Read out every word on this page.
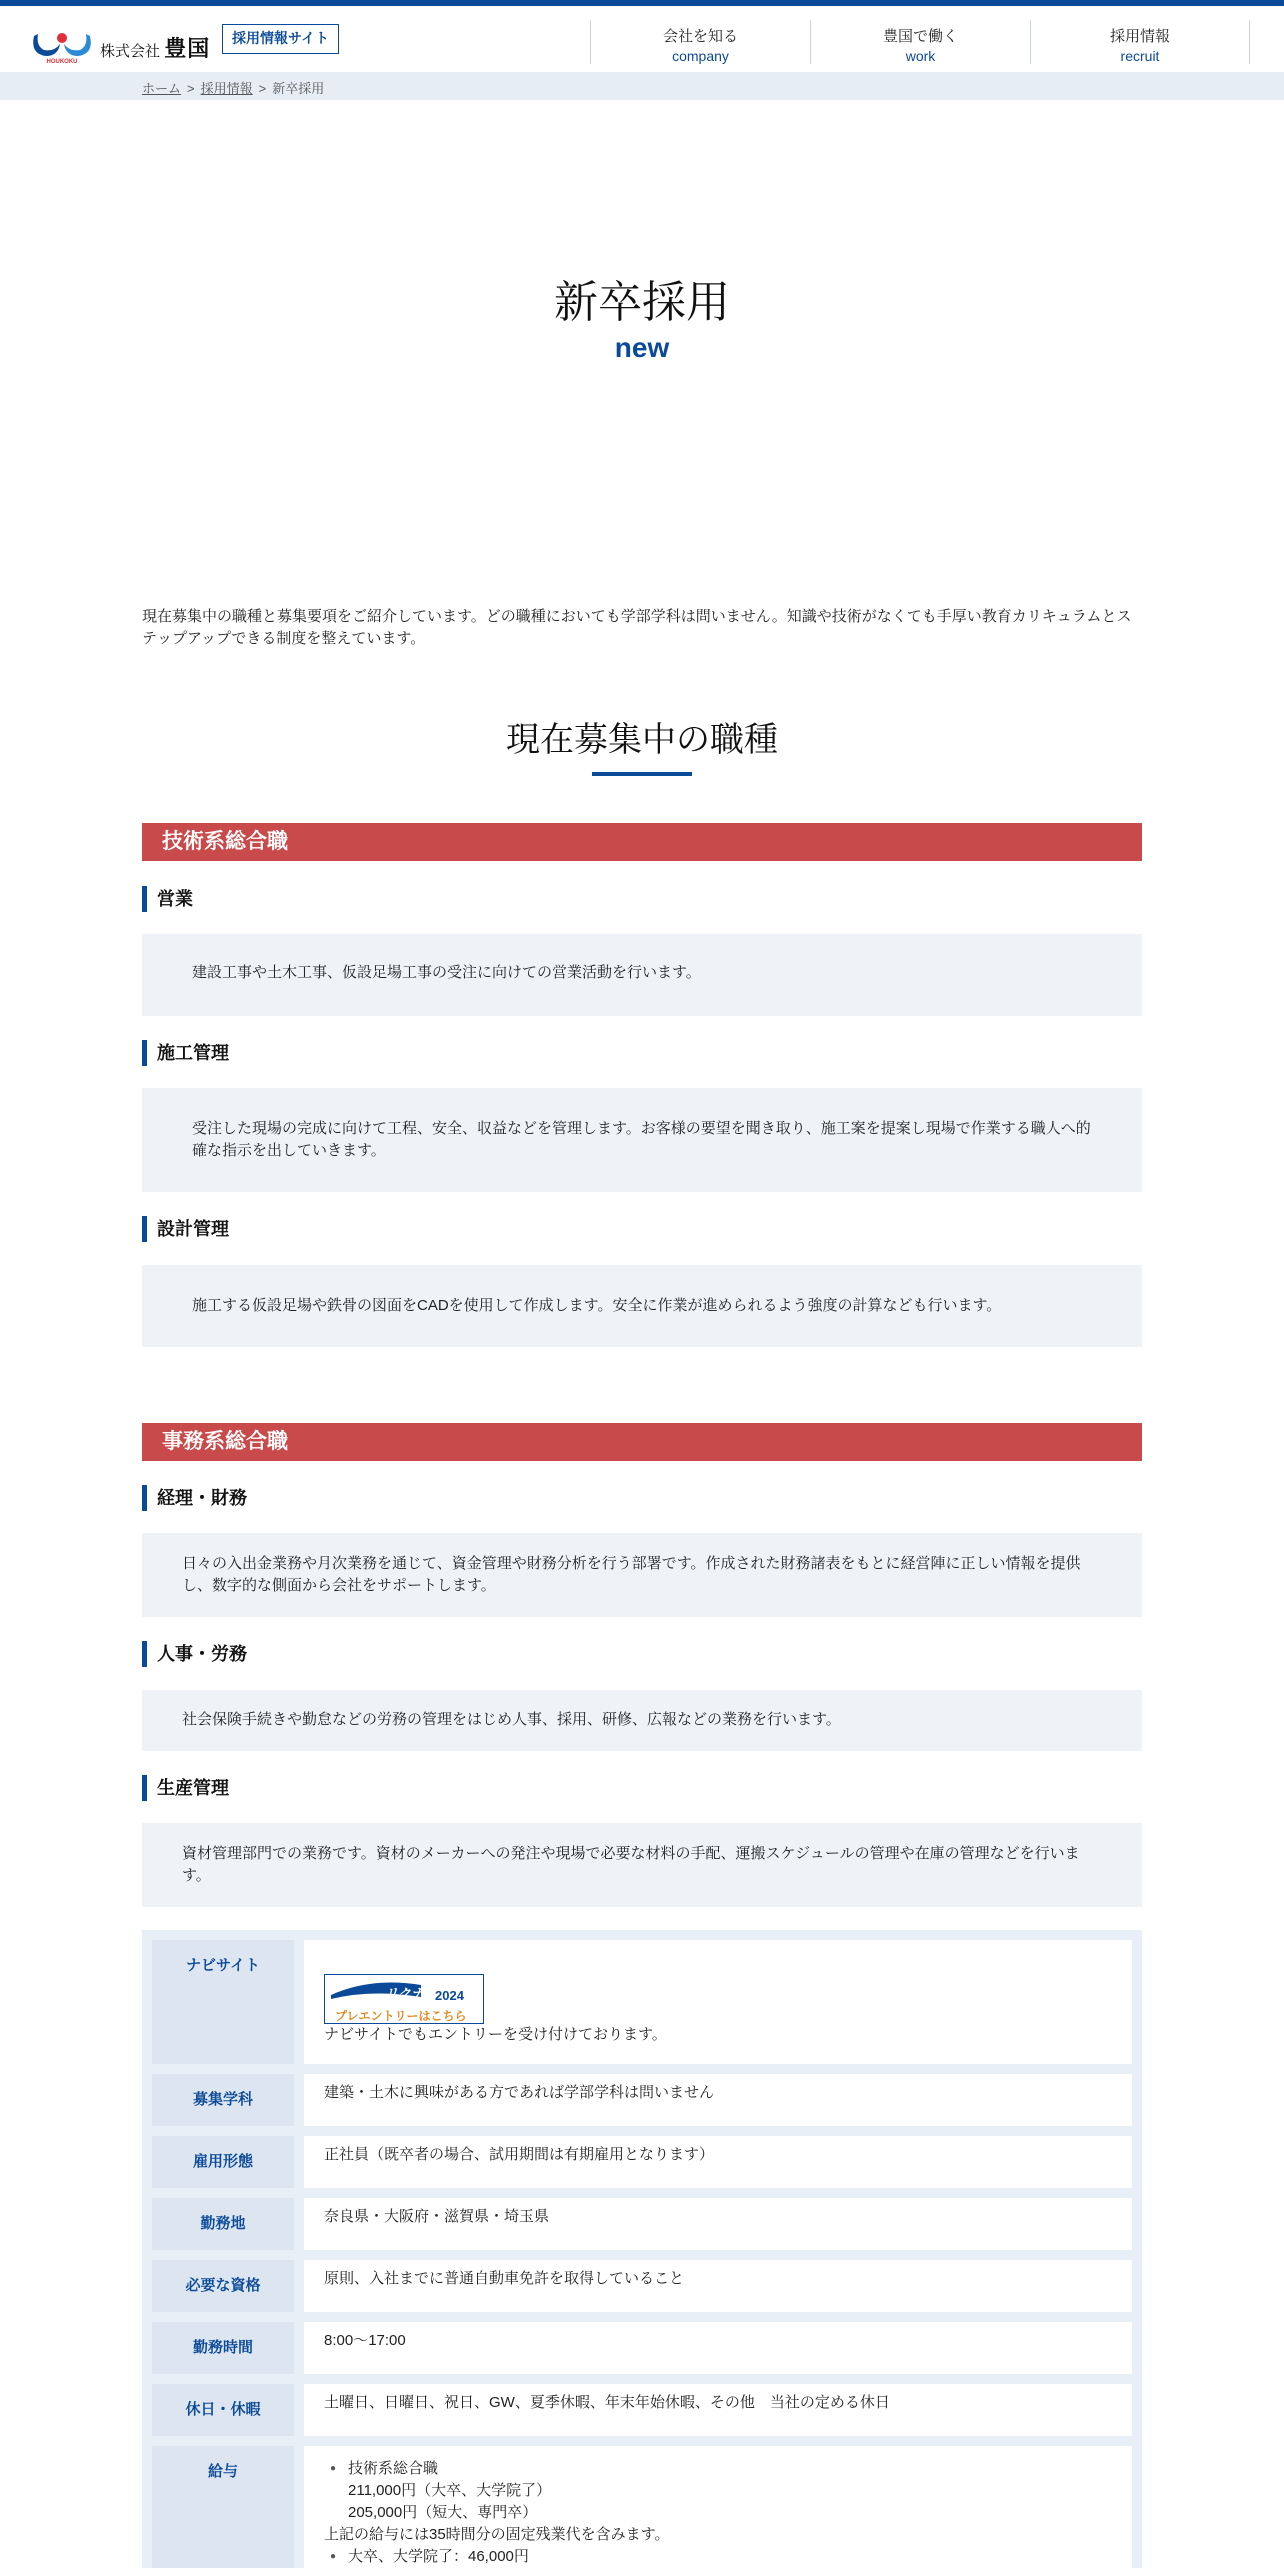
HOUKOKU
株式会社 豊国	採用情報サイト	会社を知る
company
豊国で働く
work
採用情報
recruit
ホーム > 採用情報 > 新卒採用
新卒採用
new

現在募集中の職種と募集要項をご紹介しています。どの職種においても学部学科は問いません。知識や技術がなくても手厚い教育カリキュラムとステップアップできる制度を整えています。

現在募集中の職種
技術系総合職
営業
建設工事や土木工事、仮設足場工事の受注に向けての営業活動を行います。
施工管理
受注した現場の完成に向けて工程、安全、収益などを管理します。お客様の要望を聞き取り、施工案を提案し現場で作業する職人へ的確な指示を出していきます。
設計管理
施工する仮設足場や鉄骨の図面をCADを使用して作成します。安全に作業が進められるよう強度の計算なども行います。
事務系総合職
経理・財務
日々の入出金業務や月次業務を通じて、資金管理や財務分析を行う部署です。作成された財務諸表をもとに経営陣に正しい情報を提供し、数字的な側面から会社をサポートします。
人事・労務
社会保険手続きや勤怠などの労務の管理をはじめ人事、採用、研修、広報などの業務を行います。
生産管理
資材管理部門での業務です。資材のメーカーへの発注や現場で必要な材料の手配、運搬スケジュールの管理や在庫の管理などを行います。
ナビサイト
リクナビ
2024
プレエントリーはこちら
ナビサイトでもエントリーを受け付けております。
募集学科	建築・土木に興味がある方であれば学部学科は問いません
雇用形態	正社員（既卒者の場合、試用期間は有期雇用となります）
勤務地	奈良県・大阪府・滋賀県・埼玉県
必要な資格	原則、入社までに普通自動車免許を取得していること
勤務時間	8:00～17:00
休日・休暇	土曜日、日曜日、祝日、GW、夏季休暇、年末年始休暇、その他　当社の定める休日
給与	● 技術系総合職
211,000円（大卒、大学院了）
205,000円（短大、専門卒）
上記の給与には35時間分の固定残業代を含みます。
● 大卒、大学院了：46,000円
